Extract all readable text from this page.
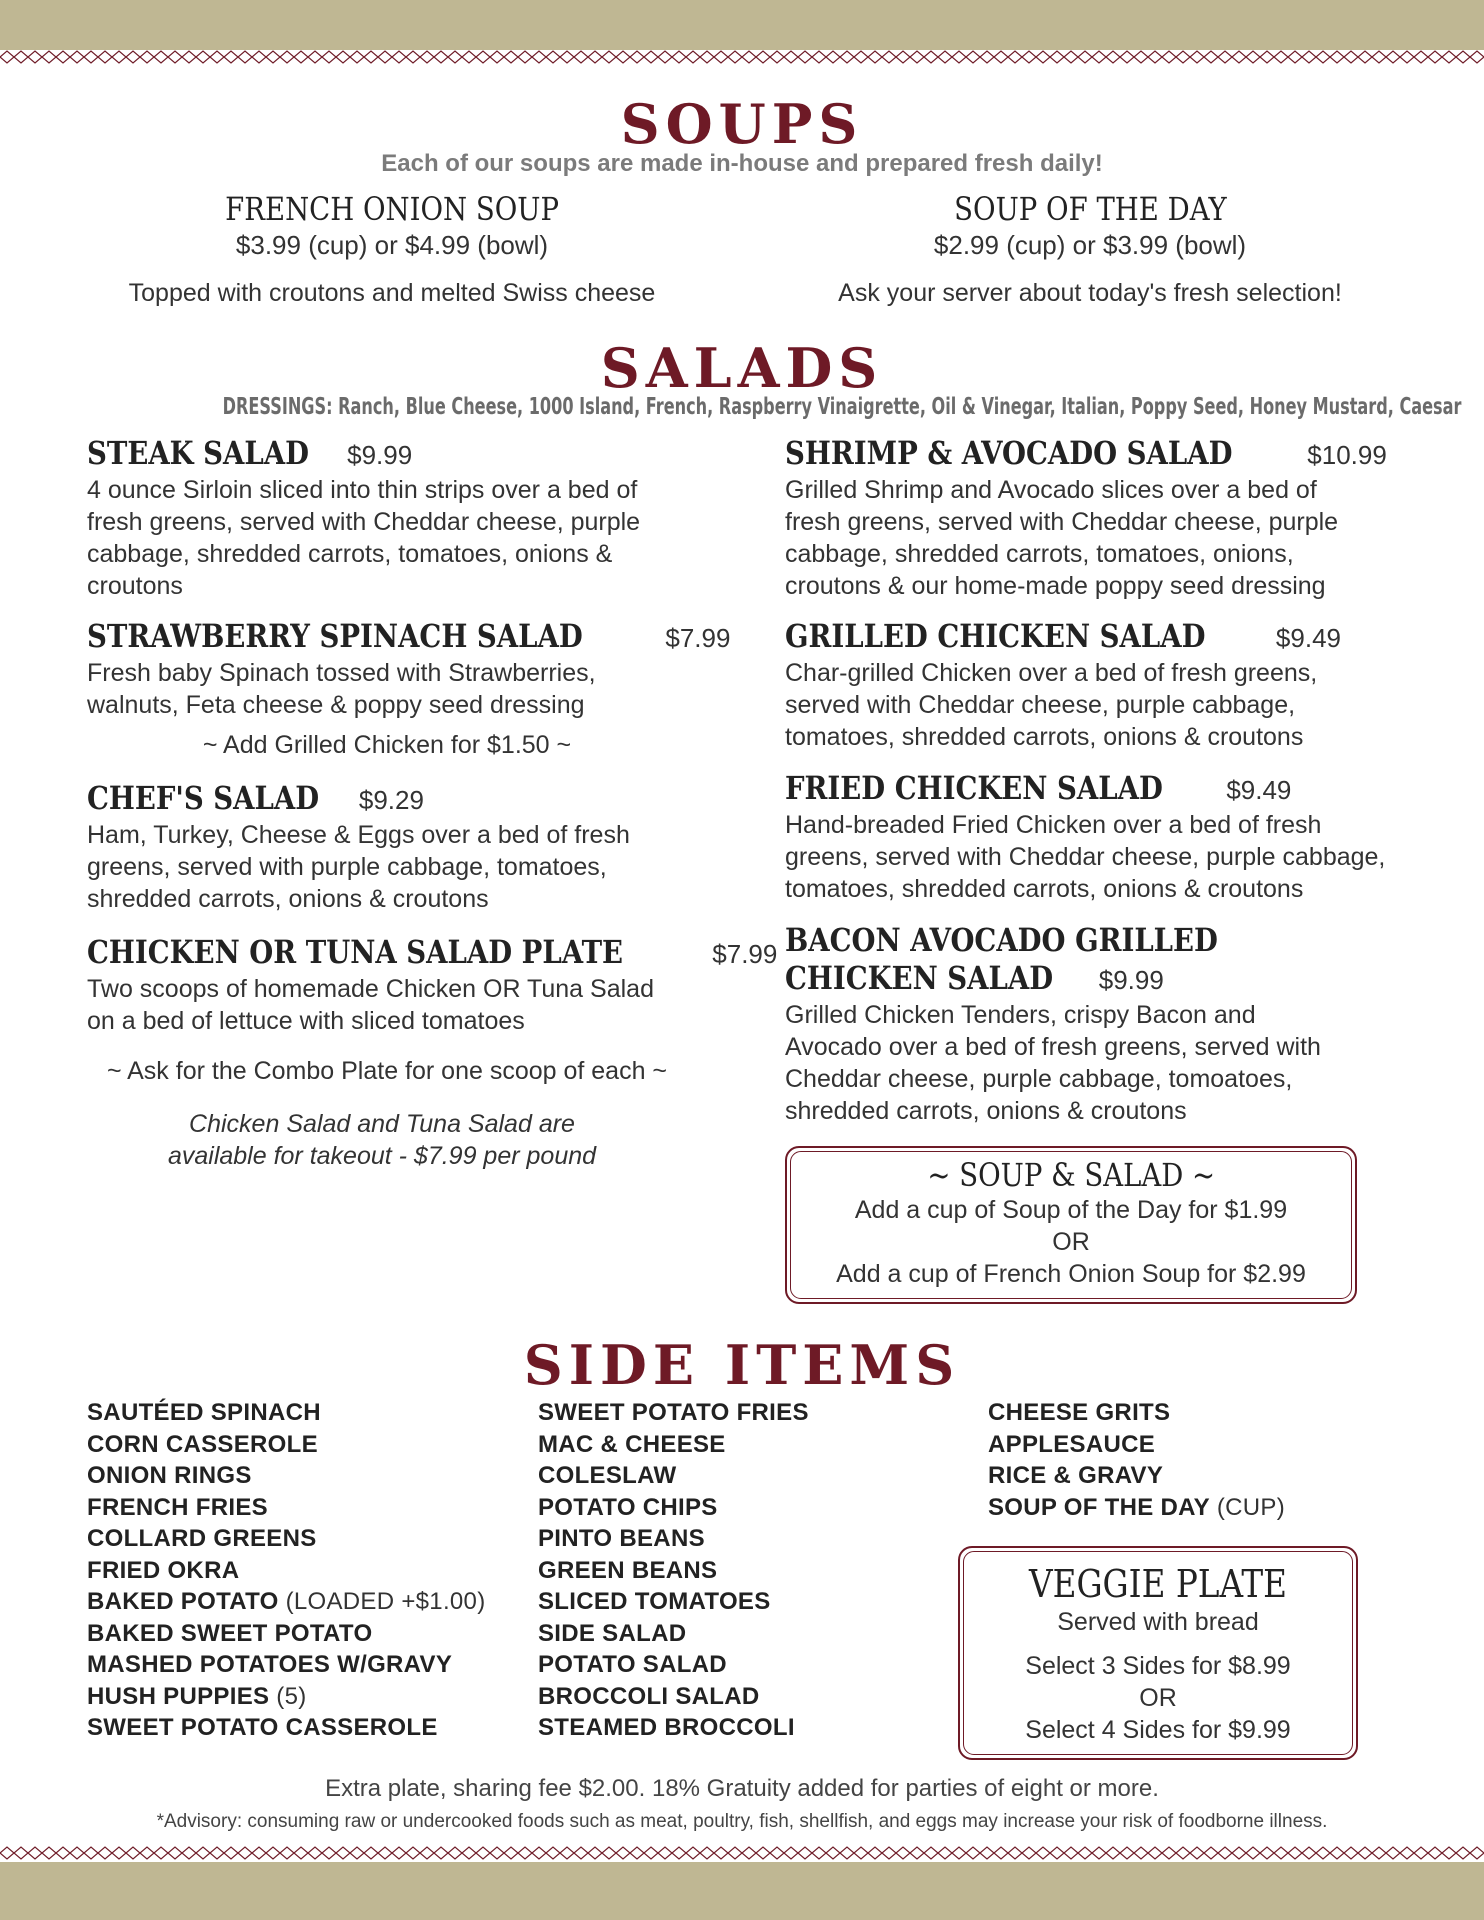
SOUPS

Each of our soups are made in-house and prepared fresh daily!

FRENCH ONION SOUP
$3.99 (cup) or $4.99 (bowl)
Topped with croutons and melted Swiss cheese
SOUP OF THE DAY
$2.99 (cup) or $3.99 (bowl)
Ask your server about today's fresh selection!
SALADS

DRESSINGS: Ranch, Blue Cheese, 1000 Island, French, Raspberry Vinaigrette, Oil & Vinegar, Italian, Poppy Seed, Honey Mustard, Caesar

STEAK SALAD $9.99
4 ounce Sirloin sliced into thin strips over a bed of
fresh greens, served with Cheddar cheese, purple
cabbage, shredded carrots, tomatoes, onions &
croutons
STRAWBERRY SPINACH SALAD	$7.99
Fresh baby Spinach tossed with Strawberries,
walnuts, Feta cheese & poppy seed dressing
~ Add Grilled Chicken for $1.50 ~
CHEF'S SALAD $9.29
Ham, Turkey, Cheese & Eggs over a bed of fresh
greens, served with purple cabbage, tomatoes,
shredded carrots, onions & croutons
CHICKEN OR TUNA SALAD PLATE	$7.99
Two scoops of homemade Chicken OR Tuna Salad
on a bed of lettuce with sliced tomatoes
~ Ask for the Combo Plate for one scoop of each ~
Chicken Salad and Tuna Salad are
available for takeout - $7.99 per pound
SHRIMP & AVOCADO SALAD	$10.99
Grilled Shrimp and Avocado slices over a bed of
fresh greens, served with Cheddar cheese, purple
cabbage, shredded carrots, tomatoes, onions,
croutons & our home-made poppy seed dressing
GRILLED CHICKEN SALAD	$9.49
Char-grilled Chicken over a bed of fresh greens,
served with Cheddar cheese, purple cabbage,
tomatoes, shredded carrots, onions & croutons
FRIED CHICKEN SALAD $9.49
Hand-breaded Fried Chicken over a bed of fresh
greens, served with Cheddar cheese, purple cabbage,
tomatoes, shredded carrots, onions & croutons
BACON AVOCADO GRILLED
CHICKEN SALAD $9.99
Grilled Chicken Tenders, crispy Bacon and
Avocado over a bed of fresh greens, served with
Cheddar cheese, purple cabbage, tomoatoes,
shredded carrots, onions & croutons
~ SOUP & SALAD ~
Add a cup of Soup of the Day for $1.99
OR
Add a cup of French Onion Soup for $2.99
SIDE ITEMS
SAUTÉED SPINACH
CORN CASSEROLE
ONION RINGS
FRENCH FRIES
COLLARD GREENS
FRIED OKRA
BAKED POTATO (LOADED +$1.00)
BAKED SWEET POTATO
MASHED POTATOES W/GRAVY
HUSH PUPPIES (5)
SWEET POTATO CASSEROLE
SWEET POTATO FRIES
MAC & CHEESE
COLESLAW
POTATO CHIPS
PINTO BEANS
GREEN BEANS
SLICED TOMATOES
SIDE SALAD
POTATO SALAD
BROCCOLI SALAD
STEAMED BROCCOLI
CHEESE GRITS
APPLESAUCE
RICE & GRAVY
SOUP OF THE DAY (CUP)
VEGGIE PLATE
Served with bread
Select 3 Sides for $8.99
OR
Select 4 Sides for $9.99

Extra plate, sharing fee $2.00. 18% Gratuity added for parties of eight or more.

*Advisory: consuming raw or undercooked foods such as meat, poultry, fish, shellfish, and eggs may increase your risk of foodborne illness.
